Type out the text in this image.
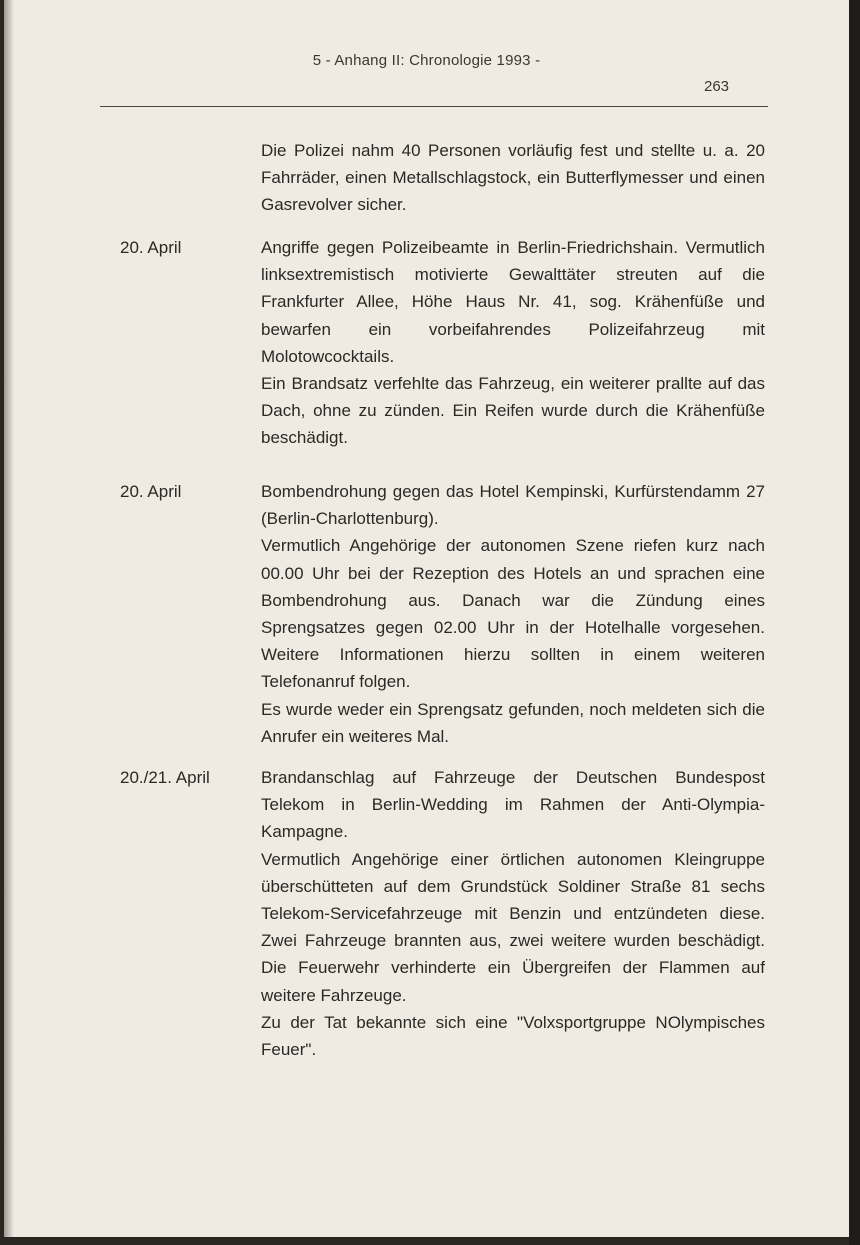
5 - Anhang II: Chronologie 1993 -
263

Die Polizei nahm 40 Personen vorläufig fest und stellte u. a. 20 Fahrräder, einen Metallschlagstock, ein Butterflymesser und einen Gasrevolver sicher.

20. April	Angriffe gegen Polizeibeamte in Berlin-Friedrichshain. Vermutlich linksextremistisch motivierte Gewalttäter streuten auf die Frankfurter Allee, Höhe Haus Nr. 41, sog. Krähenfüße und bewarfen ein vorbeifahrendes Polizeifahrzeug mit Molotowcocktails.

Ein Brandsatz verfehlte das Fahrzeug, ein weiterer prallte auf das Dach, ohne zu zünden. Ein Reifen wurde durch die Krähenfüße beschädigt.

20. April	Bombendrohung gegen das Hotel Kempinski, Kurfürstendamm 27 (Berlin-Charlottenburg).

Vermutlich Angehörige der autonomen Szene riefen kurz nach 00.00 Uhr bei der Rezeption des Hotels an und sprachen eine Bombendrohung aus. Danach war die Zündung eines Sprengsatzes gegen 02.00 Uhr in der Hotelhalle vorgesehen. Weitere Informationen hierzu sollten in einem weiteren Telefonanruf folgen.

Es wurde weder ein Sprengsatz gefunden, noch meldeten sich die Anrufer ein weiteres Mal.

20./21. April	Brandanschlag auf Fahrzeuge der Deutschen Bundespost Telekom in Berlin-Wedding im Rahmen der Anti-Olympia-Kampagne.

Vermutlich Angehörige einer örtlichen autonomen Kleingruppe überschütteten auf dem Grundstück Soldiner Straße 81 sechs Telekom-Servicefahrzeuge mit Benzin und entzündeten diese. Zwei Fahrzeuge brannten aus, zwei weitere wurden beschädigt. Die Feuerwehr verhinderte ein Übergreifen der Flammen auf weitere Fahrzeuge.

Zu der Tat bekannte sich eine "Volxsportgruppe NOlympisches Feuer".
